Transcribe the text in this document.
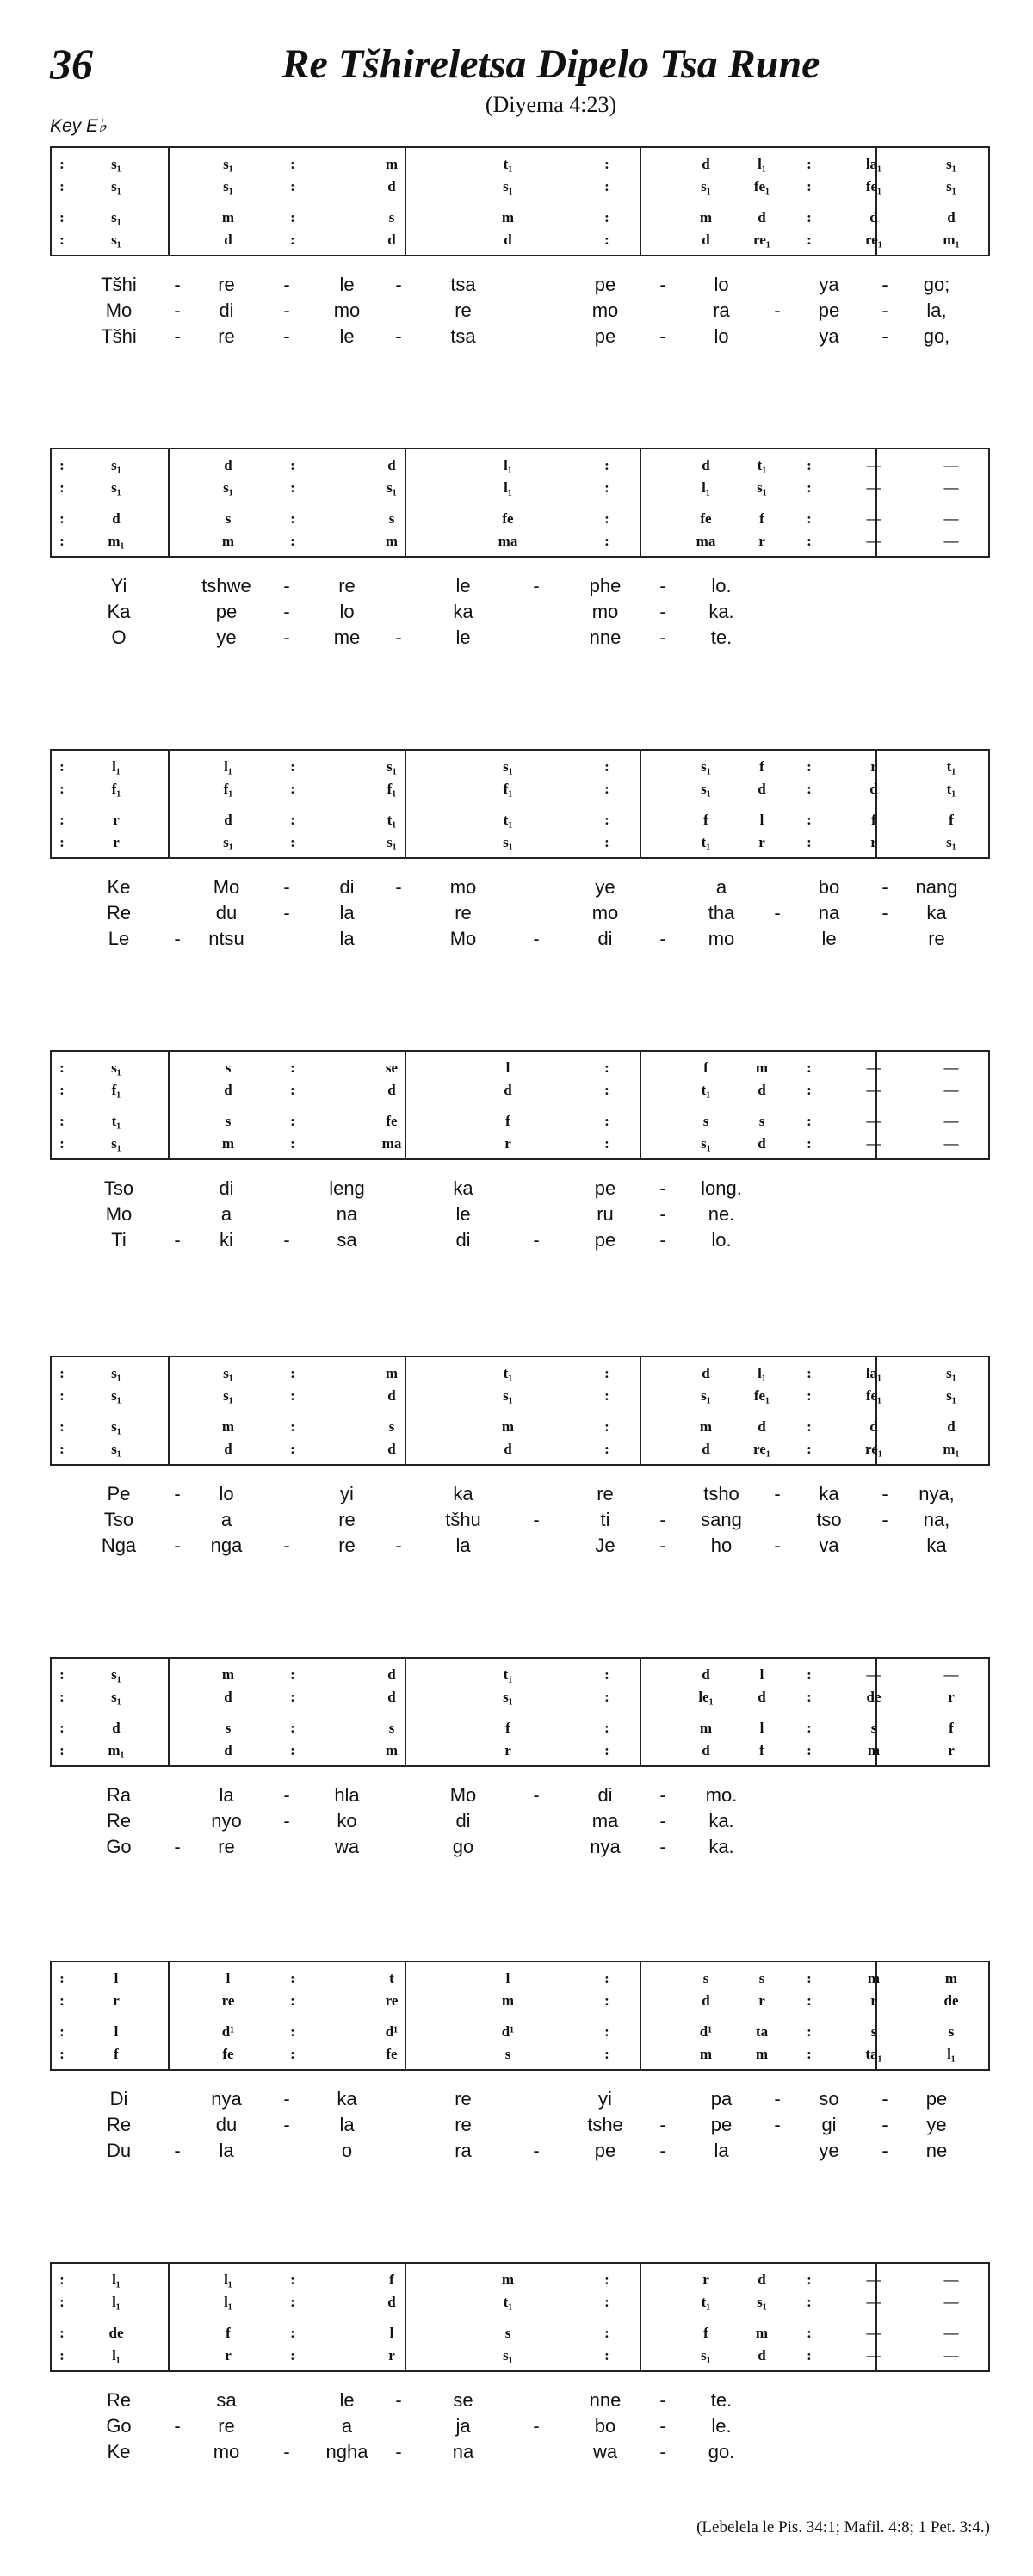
36	Re Tšhireletsa Dipelo Tsa Rune
(Diyema 4:23)
Key E♭
:	s₁	s₁	:	m	t₁	:	d	l₁	:	la₁	s₁
:	s₁	s₁	:	d	s₁	:	s₁	fe₁	:	fe₁	s₁
:	s₁	m	:	s	m	:	m	d	:	d	d
:	s₁	d	:	d	d	:	d	re₁	:	re₁	m₁
Tšhi	-	re	-	le	-	tsa	pe	-	lo	ya	-	go;
Mo	-	di	-	mo	re	mo	ra	-	pe	-	la,
Tšhi	-	re	-	le	-	tsa	pe	-	lo	ya	-	go,
:	s₁	d	:	d	l₁	:	d	t₁	:	—	—
:	s₁	s₁	:	s₁	l₁	:	l₁	s₁	:	—	—
:	d	s	:	s	fe	:	fe	f	:	—	—
:	m₁	m	:	m	ma	:	ma	r	:	—	—
Yi	tshwe	-	re	le	-	phe	-	lo.
Ka	pe	-	lo	ka	mo	-	ka.
O	ye	-	me	-	le	nne	-	te.
:	l₁	l₁	:	s₁	s₁	:	s₁	f	:	r	t₁
:	f₁	f₁	:	f₁	f₁	:	s₁	d	:	d	t₁
:	r	d	:	t₁	t₁	:	f	l	:	f	f
:	r	s₁	:	s₁	s₁	:	t₁	r	:	r	s₁
Ke	Mo	-	di	-	mo	ye	a	bo	-	nang
Re	du	-	la	re	mo	tha	-	na	-	ka
Le	-	ntsu	la	Mo	-	di	-	mo	le	re
:	s₁	s	:	se	l	:	f	m	:	—	—
:	f₁	d	:	d	d	:	t₁	d	:	—	—
:	t₁	s	:	fe	f	:	s	s	:	—	—
:	s₁	m	:	ma	r	:	s₁	d	:	—	—
Tso	di	leng	ka	pe	-	long.
Mo	a	na	le	ru	-	ne.
Ti	-	ki	-	sa	di	-	pe	-	lo.
:	s₁	s₁	:	m	t₁	:	d	l₁	:	la₁	s₁
:	s₁	s₁	:	d	s₁	:	s₁	fe₁	:	fe₁	s₁
:	s₁	m	:	s	m	:	m	d	:	d	d
:	s₁	d	:	d	d	:	d	re₁	:	re₁	m₁
Pe	-	lo	yi	ka	re	tsho	-	ka	-	nya,
Tso	a	re	tšhu	-	ti	-	sang	tso	-	na,
Nga	-	nga	-	re	-	la	Je	-	ho	-	va	ka
:	s₁	m	:	d	t₁	:	d	l	:	—	—
:	s₁	d	:	d	s₁	:	le₁	d	:	de	r
:	d	s	:	s	f	:	m	l	:	s	f
:	m₁	d	:	m	r	:	d	f	:	m	r
Ra	la	-	hla	Mo	-	di	-	mo.
Re	nyo	-	ko	di	ma	-	ka.
Go	-	re	wa	go	nya	-	ka.
:	l	l	:	t	l	:	s	s	:	m	m
:	r	re	:	re	m	:	d	r	:	r	de
:	l	d¹	:	d¹	d¹	:	d¹	ta	:	s	s
:	f	fe	:	fe	s	:	m	m	:	ta₁	l₁
Di	nya	-	ka	re	yi	pa	-	so	-	pe
Re	du	-	la	re	tshe	-	pe	-	gi	-	ye
Du	-	la	o	ra	-	pe	-	la	ye	-	ne
:	l₁	l₁	:	f	m	:	r	d	:	—	—
:	l₁	l₁	:	d	t₁	:	t₁	s₁	:	—	—
:	de	f	:	l	s	:	f	m	:	—	—
:	l₁	r	:	r	s₁	:	s₁	d	:	—	—
Re	sa	le	-	se	nne	-	te.
Go	-	re	a	ja	-	bo	-	le.
Ke	mo	-	ngha	-	na	wa	-	go.
(Lebelela le Pis. 34:1; Mafil. 4:8; 1 Pet. 3:4.)
